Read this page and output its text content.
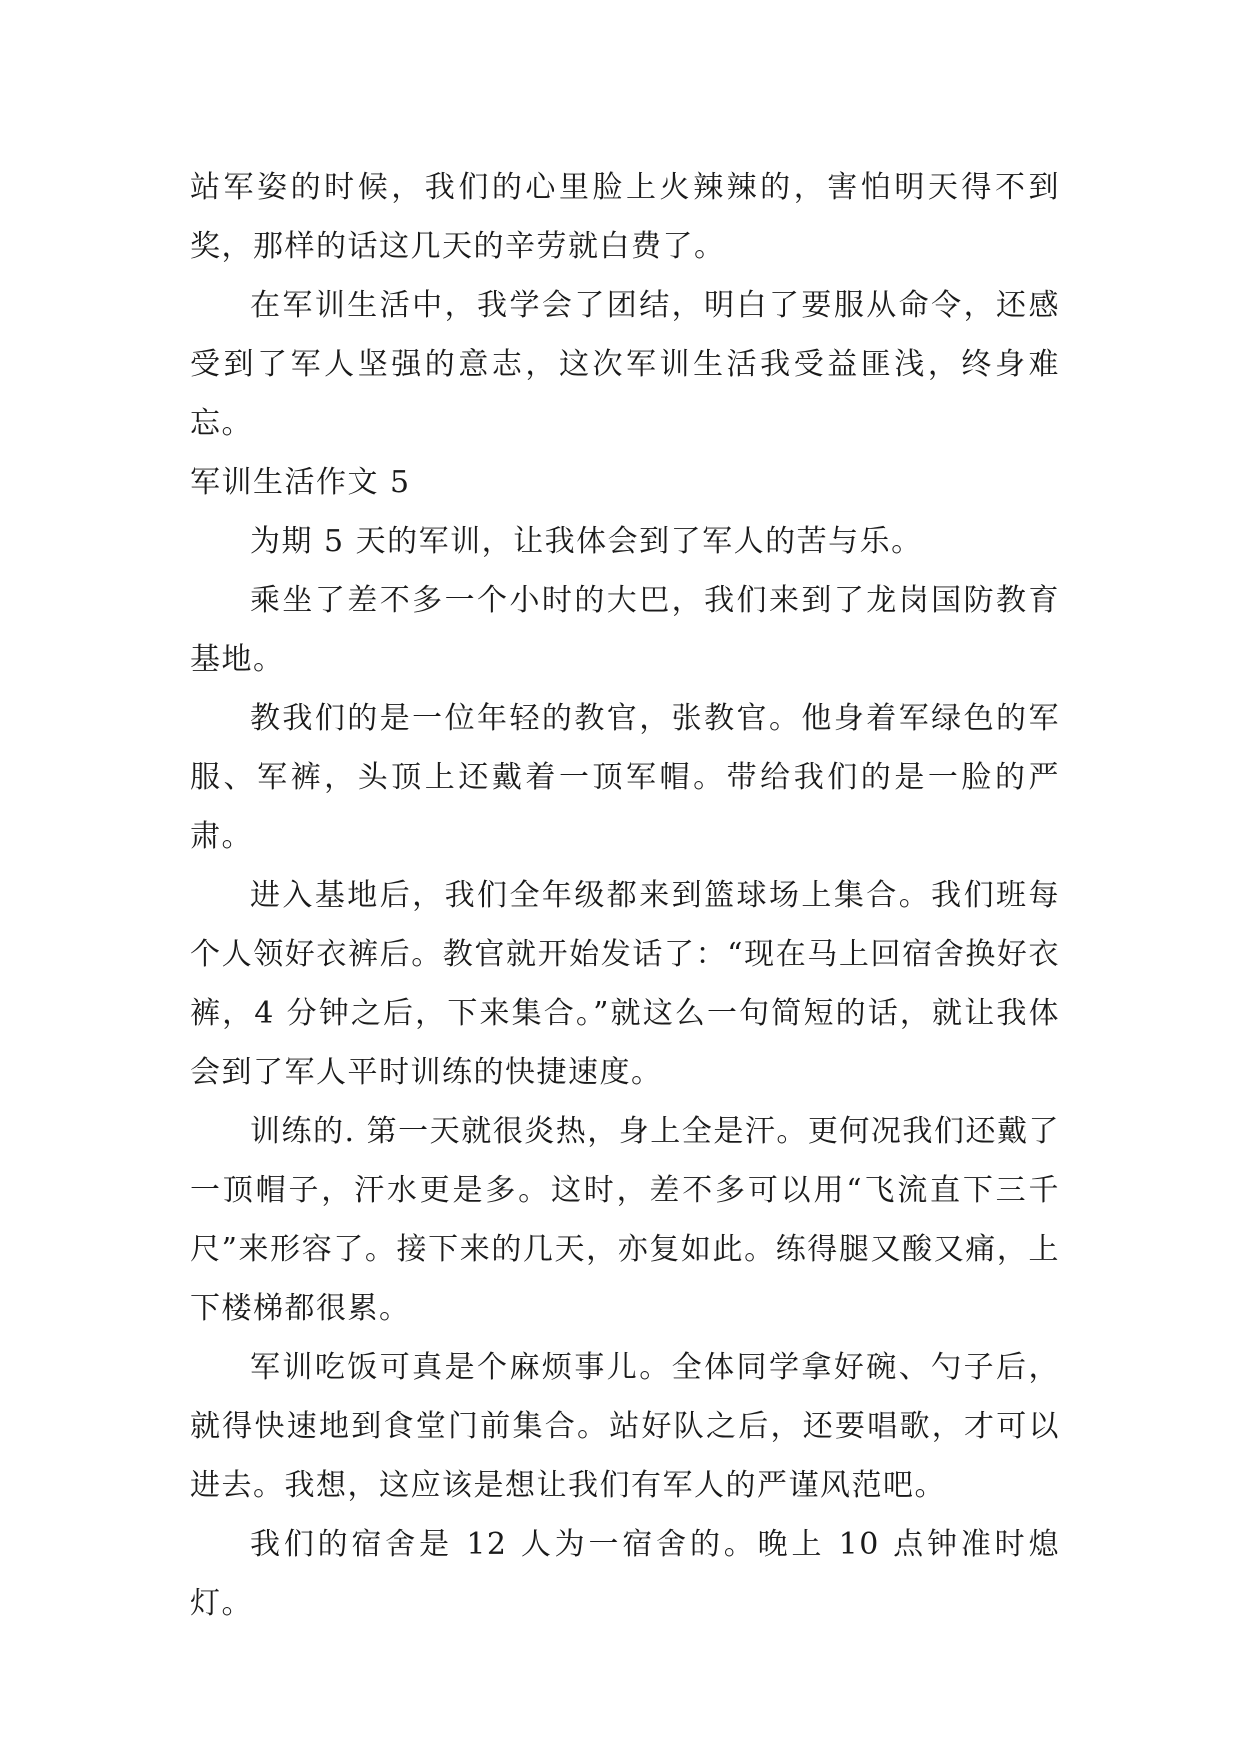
站军姿的时候，我们的心里脸上火辣辣的，害怕明天得不到奖，那样的话这几天的辛劳就白费了。

在军训生活中，我学会了团结，明白了要服从命令，还感受到了军人坚强的意志，这次军训生活我受益匪浅，终身难忘。

军训生活作文 5

为期 5 天的军训，让我体会到了军人的苦与乐。

乘坐了差不多一个小时的大巴，我们来到了龙岗国防教育基地。

教我们的是一位年轻的教官，张教官。他身着军绿色的军服、军裤，头顶上还戴着一顶军帽。带给我们的是一脸的严肃。

进入基地后，我们全年级都来到篮球场上集合。我们班每个人领好衣裤后。教官就开始发话了：“现在马上回宿舍换好衣裤，4 分钟之后，下来集合。”就这么一句简短的话，就让我体会到了军人平时训练的快捷速度。

训练的. 第一天就很炎热，身上全是汗。更何况我们还戴了一顶帽子，汗水更是多。这时，差不多可以用“飞流直下三千尺”来形容了。接下来的几天，亦复如此。练得腿又酸又痛，上下楼梯都很累。

军训吃饭可真是个麻烦事儿。全体同学拿好碗、勺子后，就得快速地到食堂门前集合。站好队之后，还要唱歌，才可以进去。我想，这应该是想让我们有军人的严谨风范吧。

我们的宿舍是 12 人为一宿舍的。晚上 10 点钟准时熄灯。
